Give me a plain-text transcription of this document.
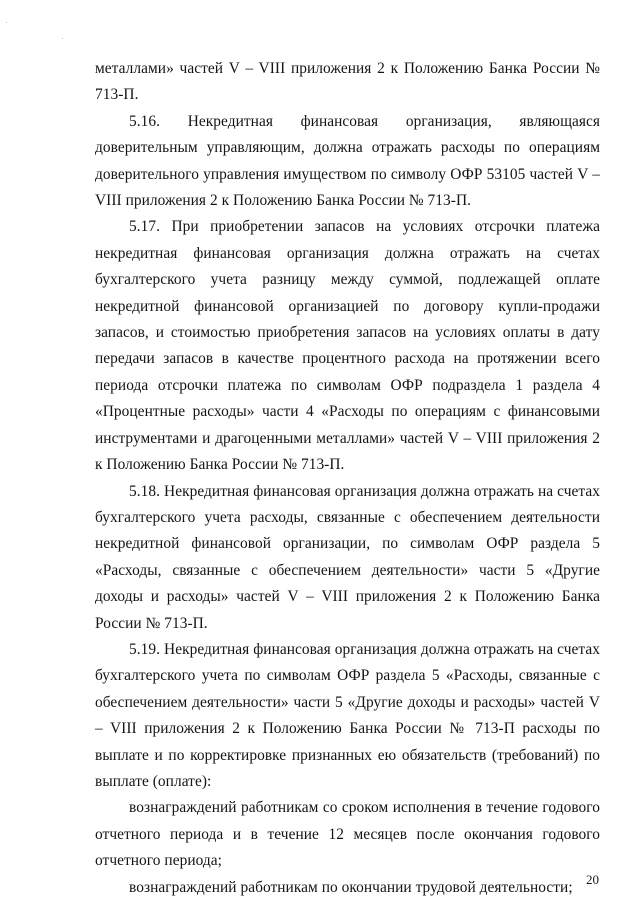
металлами» частей V – VIII приложения 2 к Положению Банка России № 713-П.

5.16. Некредитная финансовая организация, являющаяся доверительным управляющим, должна отражать расходы по операциям доверительного управления имуществом по символу ОФР 53105 частей V – VIII приложения 2 к Положению Банка России № 713-П.

5.17. При приобретении запасов на условиях отсрочки платежа некредитная финансовая организация должна отражать на счетах бухгалтерского учета разницу между суммой, подлежащей оплате некредитной финансовой организацией по договору купли-продажи запасов, и стоимостью приобретения запасов на условиях оплаты в дату передачи запасов в качестве процентного расхода на протяжении всего периода отсрочки платежа по символам ОФР подраздела 1 раздела 4 «Процентные расходы» части 4 «Расходы по операциям с финансовыми инструментами и драгоценными металлами» частей V – VIII приложения 2 к Положению Банка России № 713-П.

5.18. Некредитная финансовая организация должна отражать на счетах бухгалтерского учета расходы, связанные с обеспечением деятельности некредитной финансовой организации, по символам ОФР раздела 5 «Расходы, связанные с обеспечением деятельности» части 5 «Другие доходы и расходы» частей V – VIII приложения 2 к Положению Банка России № 713-П.

5.19. Некредитная финансовая организация должна отражать на счетах бухгалтерского учета по символам ОФР раздела 5 «Расходы, связанные с обеспечением деятельности» части 5 «Другие доходы и расходы» частей V – VIII приложения 2 к Положению Банка России № 713-П расходы по выплате и по корректировке признанных ею обязательств (требований) по выплате (оплате):

вознаграждений работникам со сроком исполнения в течение годового отчетного периода и в течение 12 месяцев после окончания годового отчетного периода;

вознаграждений работникам по окончании трудовой деятельности;	20
